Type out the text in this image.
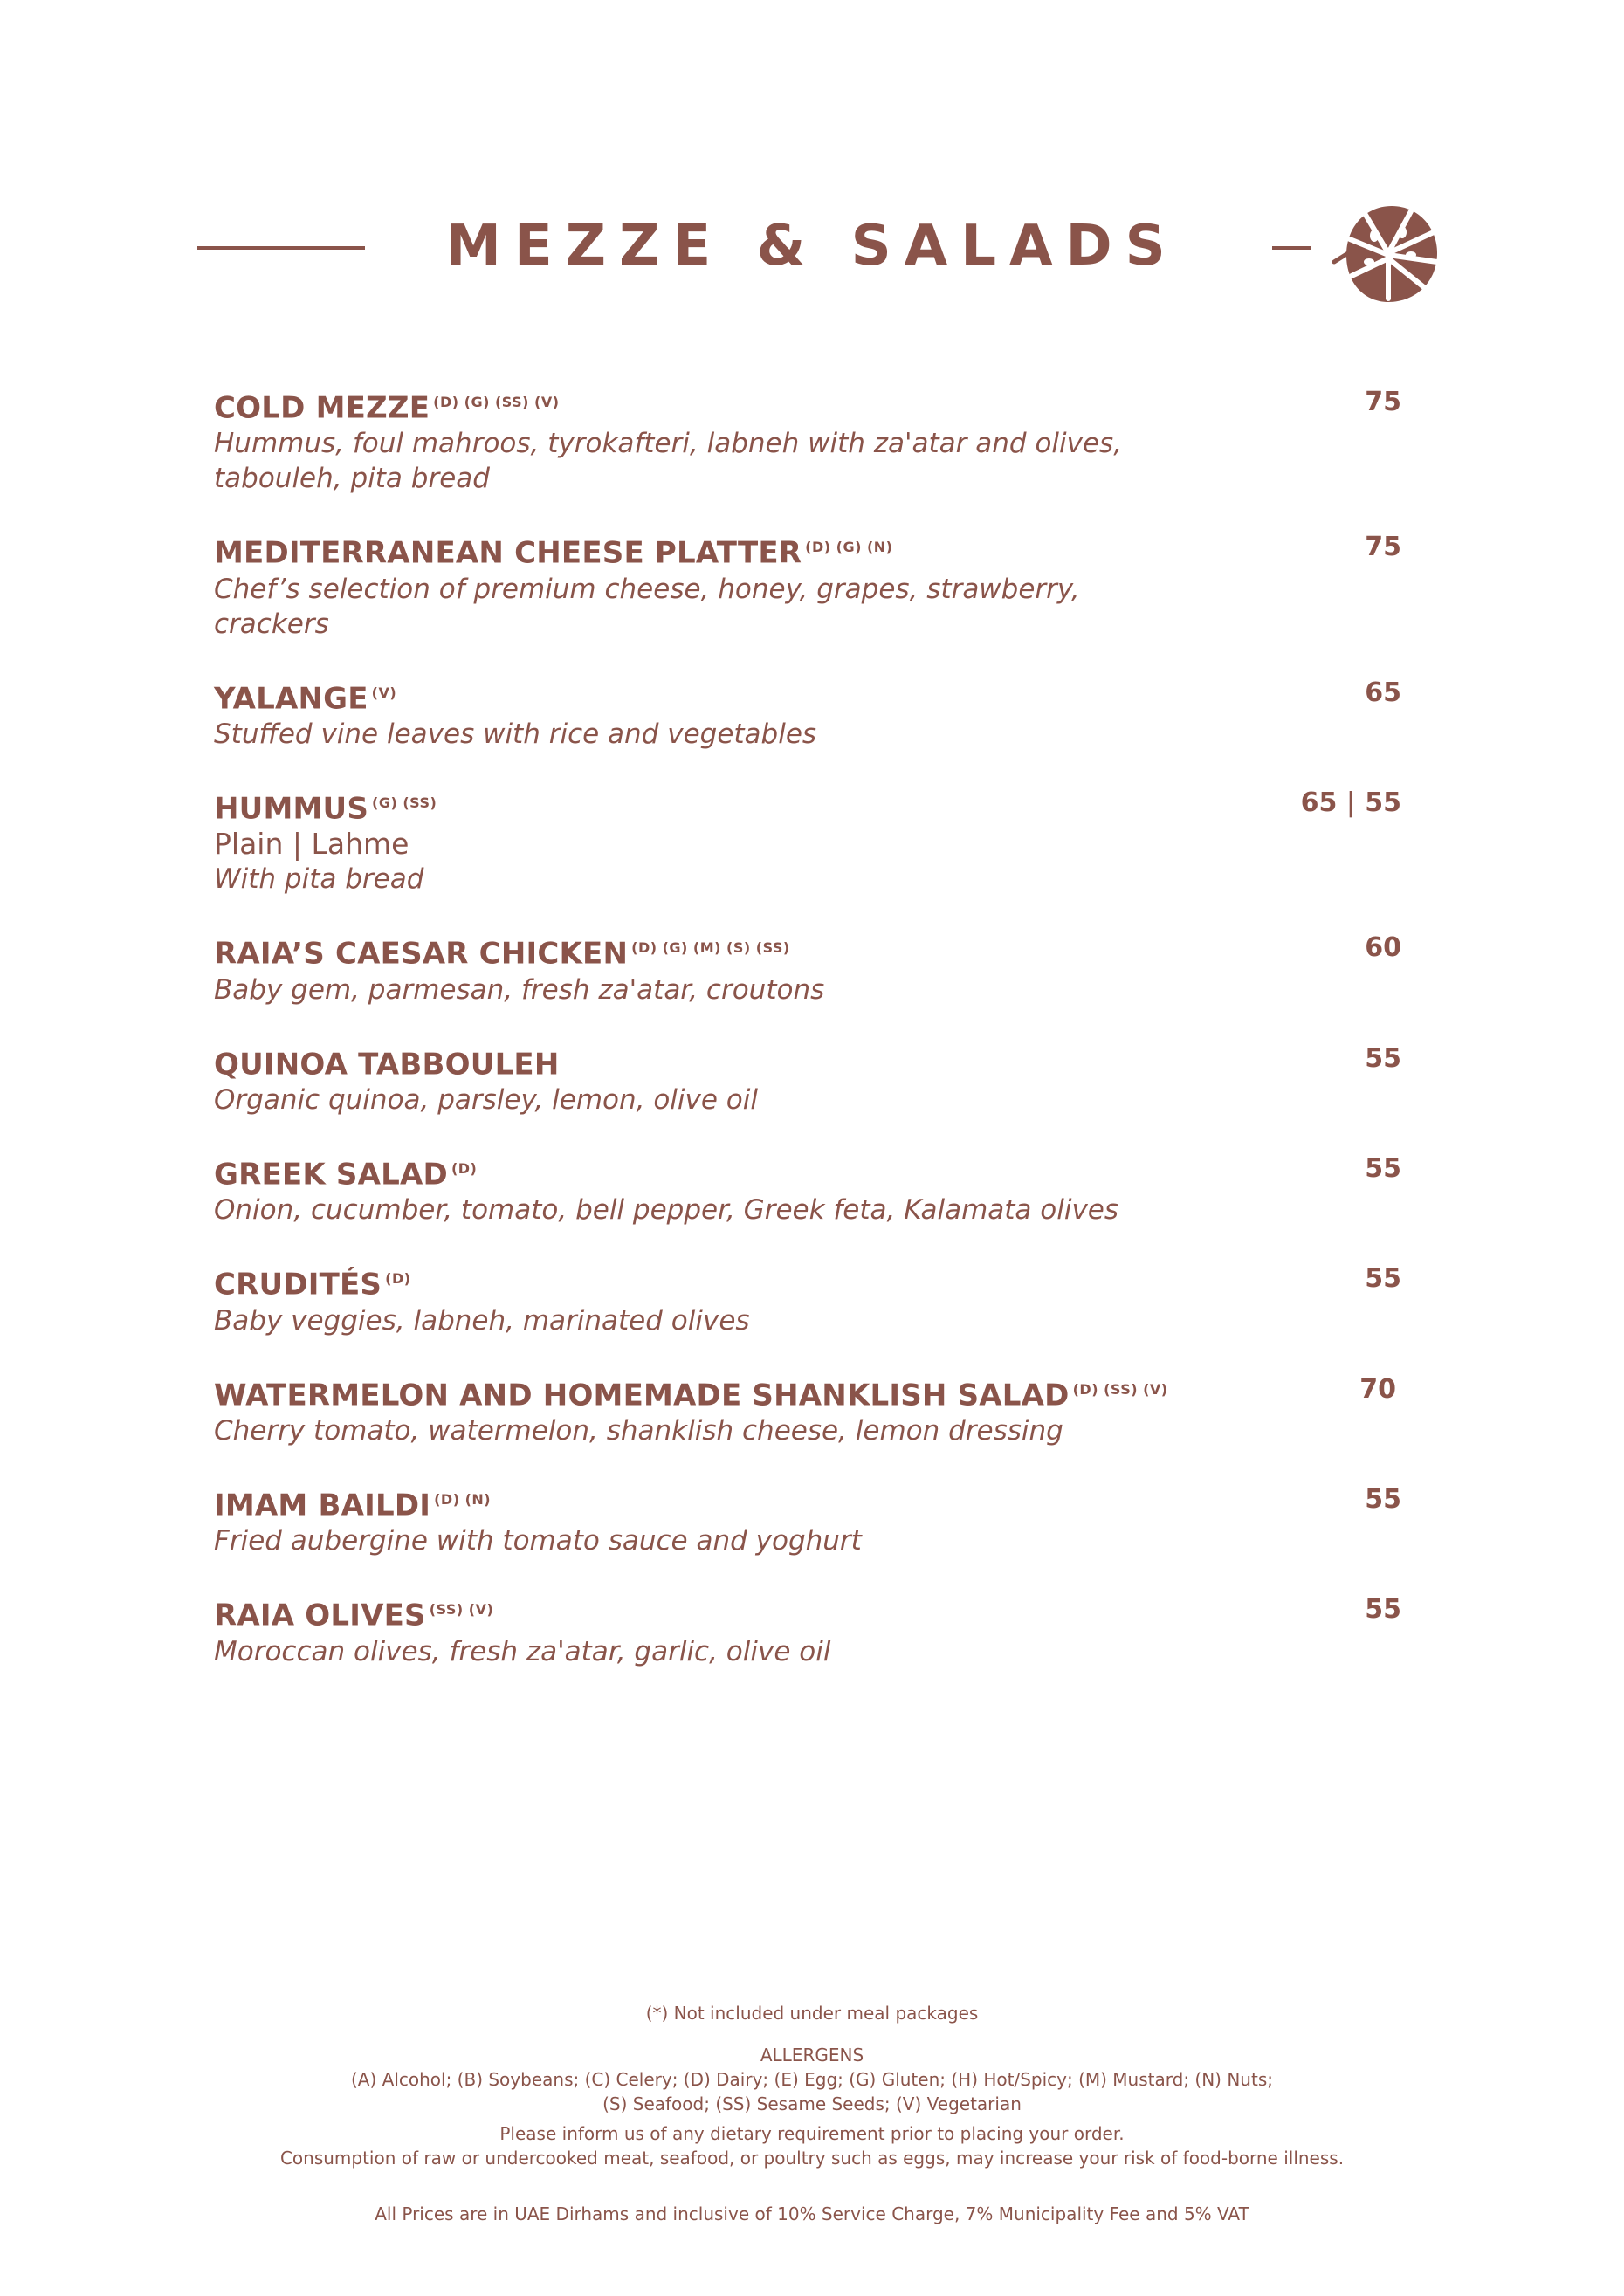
MEZZE & SALADS
COLD MEZZE $^{(D) (G) (SS) (V)}$	75
Hummus, foul mahroos, tyrokafteri, labneh with za'atar and olives, tabouleh, pita bread
MEDITERRANEAN CHEESE PLATTER $^{(D) (G) (N)}$	75
Chef’s selection of premium cheese, honey, grapes, strawberry, crackers
YALANGE $^{(V)}$	65
Stuffed vine leaves with rice and vegetables
HUMMUS $^{(G) (SS)}$	65 | 55
Plain | Lahme
With pita bread
RAIA’S CAESAR CHICKEN $^{(D) (G) (M) (S) (SS)}$	60
Baby gem, parmesan, fresh za'atar, croutons
QUINOA TABBOULEH	55
Organic quinoa, parsley, lemon, olive oil
GREEK SALAD $^{(D)}$	55
Onion, cucumber, tomato, bell pepper, Greek feta, Kalamata olives
CRUDITÉS $^{(D)}$	55
Baby veggies, labneh, marinated olives
WATERMELON AND HOMEMADE SHANKLISH SALAD $^{(D) (SS) (V)}$	70
Cherry tomato, watermelon, shanklish cheese, lemon dressing
IMAM BAILDI $^{(D) (N)}$	55
Fried aubergine with tomato sauce and yoghurt
RAIA OLIVES $^{(SS) (V)}$	55
Moroccan olives, fresh za'atar, garlic, olive oil

(*) Not included under meal packages

ALLERGENS

(A) Alcohol; (B) Soybeans; (C) Celery; (D) Dairy; (E) Egg; (G) Gluten; (H) Hot/Spicy; (M) Mustard; (N) Nuts;

(S) Seafood; (SS) Sesame Seeds; (V) Vegetarian

Please inform us of any dietary requirement prior to placing your order.

Consumption of raw or undercooked meat, seafood, or poultry such as eggs, may increase your risk of food-borne illness.

All Prices are in UAE Dirhams and inclusive of 10% Service Charge, 7% Municipality Fee and 5% VAT
